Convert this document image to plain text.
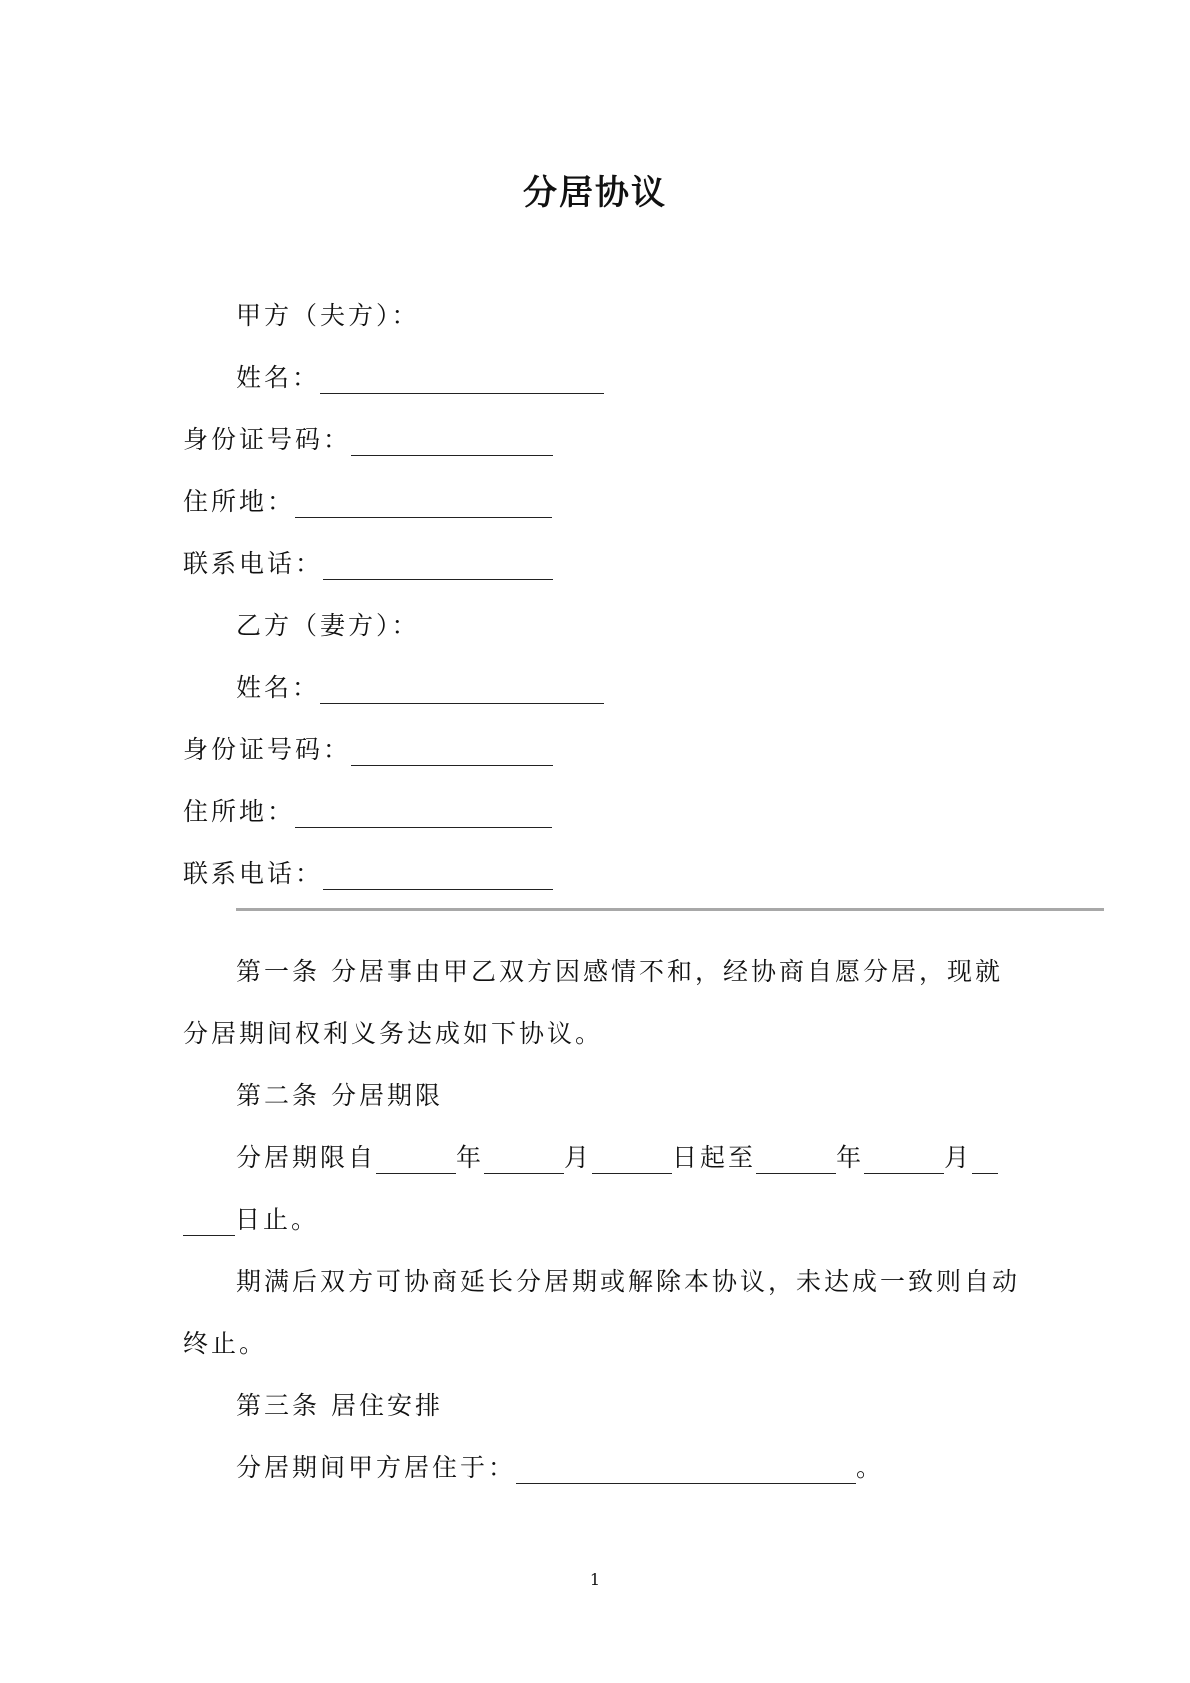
分居协议
甲方（夫方）：
姓名：
身份证号码：
住所地：
联系电话：
乙方（妻方）：
姓名：
身份证号码：
住所地：
联系电话：
第一条 分居事由甲乙双方因感情不和，经协商自愿分居，现就
分居期间权利义务达成如下协议。
第二条 分居期限
分居期限自	年	月	日起至	年	月
日止。
期满后双方可协商延长分居期或解除本协议，未达成一致则自动
终止。
第三条 居住安排
分居期间甲方居住于：	。
1
